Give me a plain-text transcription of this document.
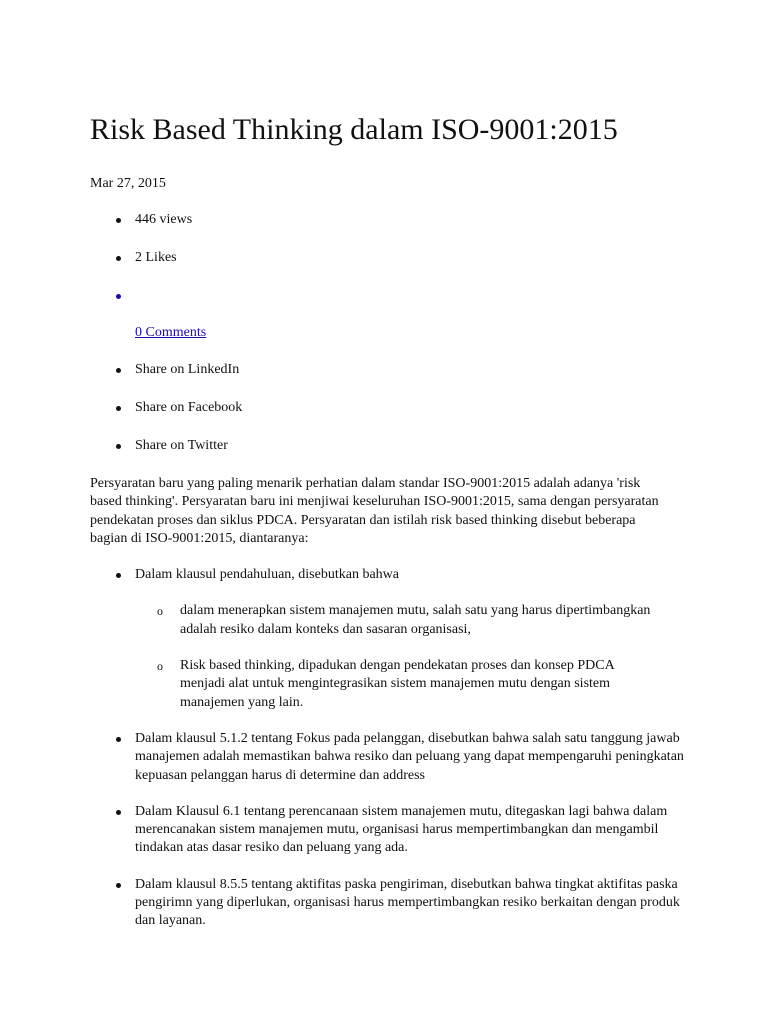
Risk Based Thinking dalam ISO-9001:2015
Mar 27, 2015
446 views
2 Likes
0 Comments
Share on LinkedIn
Share on Facebook
Share on Twitter

Persyaratan baru yang paling menarik perhatian dalam standar ISO-9001:2015 adalah adanya 'risk based thinking'. Persyaratan baru ini menjiwai keseluruhan ISO-9001:2015, sama dengan persyaratan pendekatan proses dan siklus PDCA. Persyaratan dan istilah risk based thinking disebut beberapa bagian di ISO-9001:2015, diantaranya:

Dalam klausul pendahuluan, disebutkan bahwa
o dalam menerapkan sistem manajemen mutu, salah satu yang harus dipertimbangkan adalah resiko dalam konteks dan sasaran organisasi,
o Risk based thinking, dipadukan dengan pendekatan proses dan konsep PDCA menjadi alat untuk mengintegrasikan sistem manajemen mutu dengan sistem manajemen yang lain.
Dalam klausul 5.1.2 tentang Fokus pada pelanggan, disebutkan bahwa salah satu tanggung jawab manajemen adalah memastikan bahwa resiko dan peluang yang dapat mempengaruhi peningkatan kepuasan pelanggan harus di determine dan address
Dalam Klausul 6.1 tentang perencanaan sistem manajemen mutu, ditegaskan lagi bahwa dalam merencanakan sistem manajemen mutu, organisasi harus mempertimbangkan dan mengambil tindakan atas dasar resiko dan peluang yang ada.
Dalam klausul 8.5.5 tentang aktifitas paska pengiriman, disebutkan bahwa tingkat aktifitas paska pengirimn yang diperlukan, organisasi harus mempertimbangkan resiko berkaitan dengan produk dan layanan.
